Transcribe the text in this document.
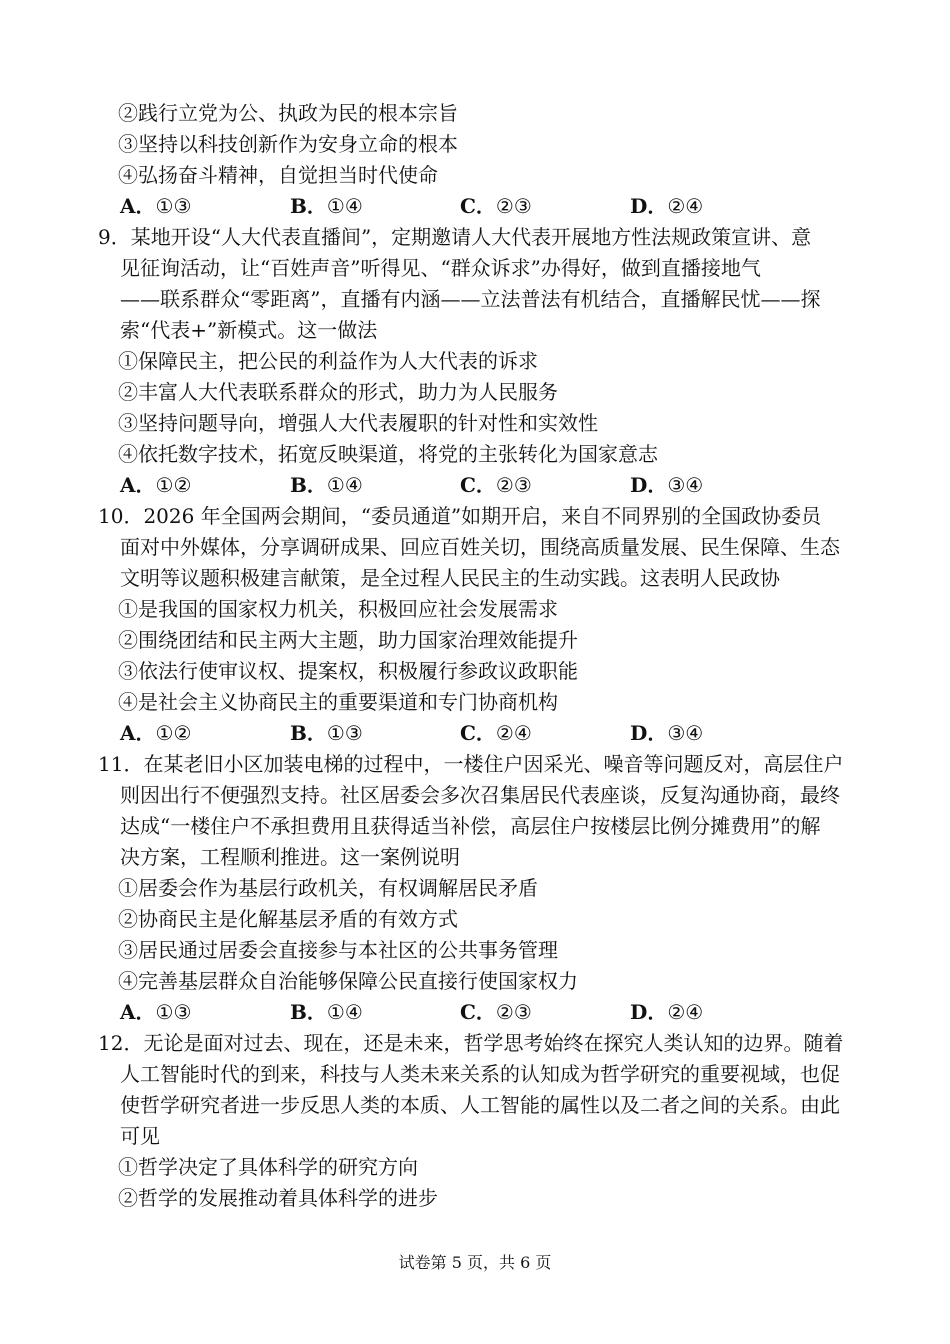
②践行立党为公、执政为民的根本宗旨
③坚持以科技创新作为安身立命的根本
④弘扬奋斗精神，自觉担当时代使命
A．①③	B．①④	C．②③	D．②④
9．某地开设“人大代表直播间”，定期邀请人大代表开展地方性法规政策宣讲、意
见征询活动，让“百姓声音”听得见、“群众诉求”办得好，做到直播接地气
——联系群众“零距离”，直播有内涵——立法普法有机结合，直播解民忧——探
索“代表+”新模式。这一做法
①保障民主，把公民的利益作为人大代表的诉求
②丰富人大代表联系群众的形式，助力为人民服务
③坚持问题导向，增强人大代表履职的针对性和实效性
④依托数字技术，拓宽反映渠道，将党的主张转化为国家意志
A．①②	B．①④	C．②③	D．③④
10．2026 年全国两会期间，“委员通道”如期开启，来自不同界别的全国政协委员
面对中外媒体，分享调研成果、回应百姓关切，围绕高质量发展、民生保障、生态
文明等议题积极建言献策，是全过程人民民主的生动实践。这表明人民政协
①是我国的国家权力机关，积极回应社会发展需求
②围绕团结和民主两大主题，助力国家治理效能提升
③依法行使审议权、提案权，积极履行参政议政职能
④是社会主义协商民主的重要渠道和专门协商机构
A．①②	B．①③	C．②④	D．③④
11．在某老旧小区加装电梯的过程中，一楼住户因采光、噪音等问题反对，高层住户
则因出行不便强烈支持。社区居委会多次召集居民代表座谈，反复沟通协商，最终
达成“一楼住户不承担费用且获得适当补偿，高层住户按楼层比例分摊费用”的解
决方案，工程顺利推进。这一案例说明
①居委会作为基层行政机关，有权调解居民矛盾
②协商民主是化解基层矛盾的有效方式
③居民通过居委会直接参与本社区的公共事务管理
④完善基层群众自治能够保障公民直接行使国家权力
A．①③	B．①④	C．②③	D．②④
12．无论是面对过去、现在，还是未来，哲学思考始终在探究人类认知的边界。随着
人工智能时代的到来，科技与人类未来关系的认知成为哲学研究的重要视域，也促
使哲学研究者进一步反思人类的本质、人工智能的属性以及二者之间的关系。由此
可见
①哲学决定了具体科学的研究方向
②哲学的发展推动着具体科学的进步
试卷第 5 页，共 6 页
